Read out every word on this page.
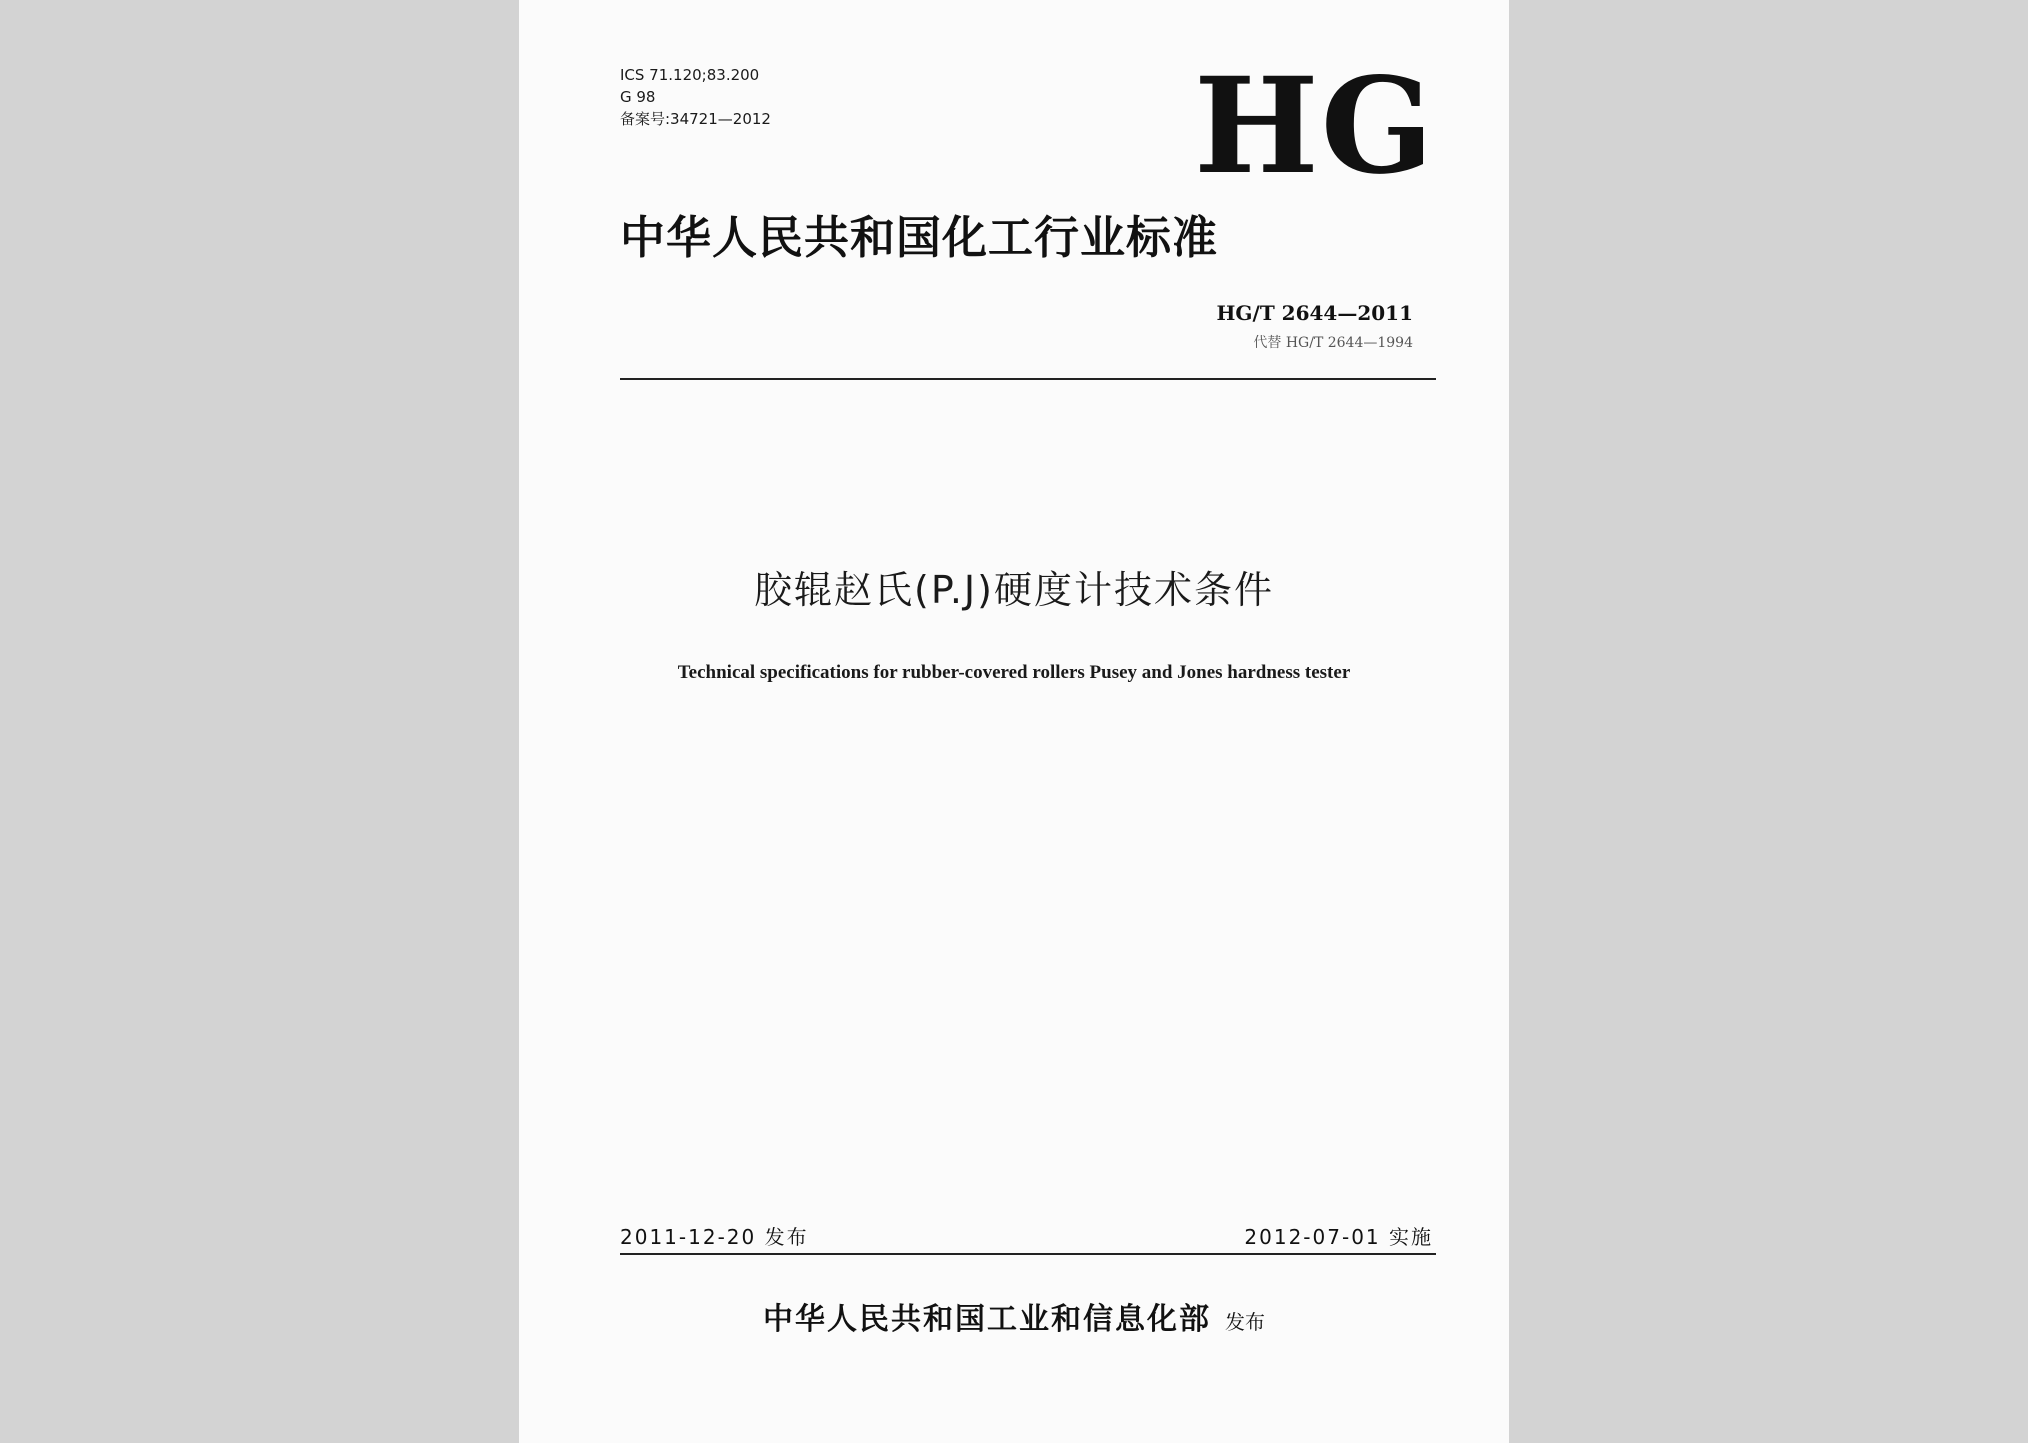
ICS 71.120;83.200
G 98
备案号:34721—2012	HG
中华人民共和国化工行业标准
HG/T 2644—2011
代替 HG/T 2644—1994
胶辊赵氏(P.J)硬度计技术条件
Technical specifications for rubber-covered rollers Pusey and Jones hardness tester
2011-12-20 发布	2012-07-01 实施
中华人民共和国工业和信息化部 发布
